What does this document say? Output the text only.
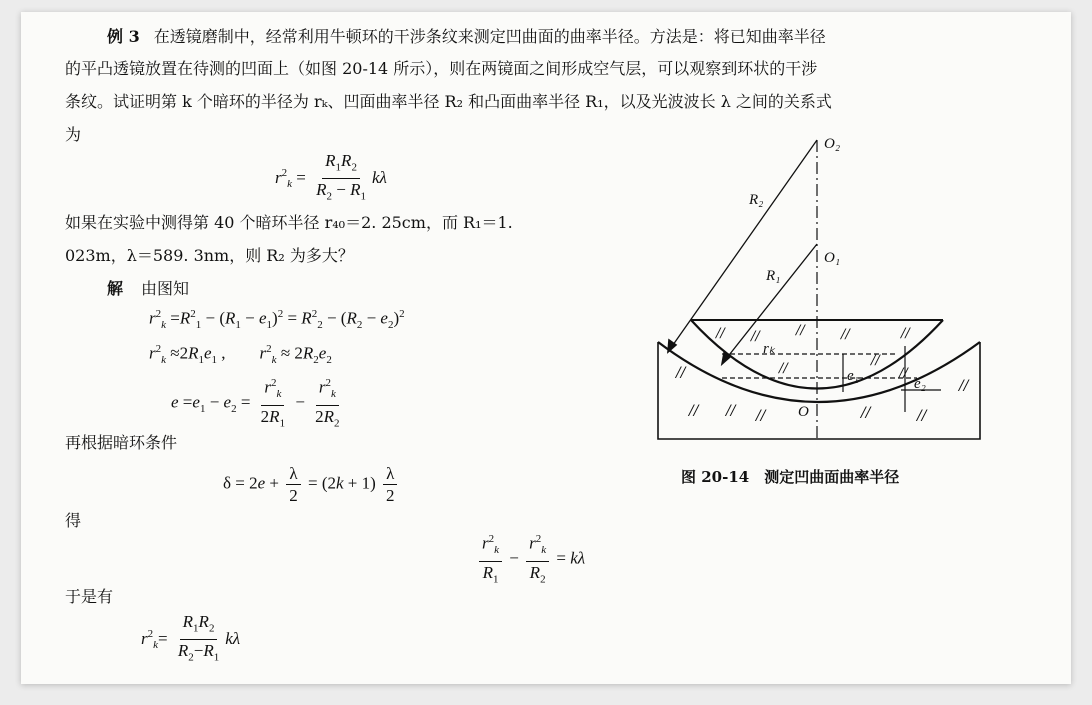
例 3 在透镜磨制中，经常利用牛顿环的干涉条纹来测定凹曲面的曲率半径。方法是：将已知曲率半径
的平凸透镜放置在待测的凹面上（如图 20-14 所示），则在两镜面之间形成空气层，可以观察到环状的干涉
条纹。试证明第 k 个暗环的半径为 rₖ、凹面曲率半径 R₂ 和凸面曲率半径 R₁，以及光波波长 λ 之间的关系式
为
$r^2_k = \frac{R_1R_2}{R_2 - R_1}$ kλ
如果在实验中测得第 40 个暗环半径 r₄₀＝2. 25cm，而 R₁＝1.
023m，λ＝589. 3nm，则 R₂ 为多大？
解 由图知
$r^2_k =R^2_1 - (R_1 - e_1)^2 = R^2_2 - (R_2 - e_2)^2$
$r^2_k \approx 2R_1e_1$ , $r^2_k \approx 2R_2e_2$
$e =e_1 - e_2 = \frac{r^2_k}{2R_1} - \frac{r^2_k}{2R_2}$
再根据暗环条件
$\delta = 2e + \frac{\lambda}{2} = (2k + 1) \frac{\lambda}{2}$
得
$\frac{r^2_k}{R_1} - \frac{r^2_k}{R_2} = k\lambda$
于是有
$r^2_k= \frac{R_1R_2}{R_2-R_1}$ kλ
//
// // //	//	//
//
// //	//	//	//
//
//	//
O₂
O₁
O
R₂
R₁
rₖ
e₁	e₂
图 20-14　测定凹曲面曲率半径
